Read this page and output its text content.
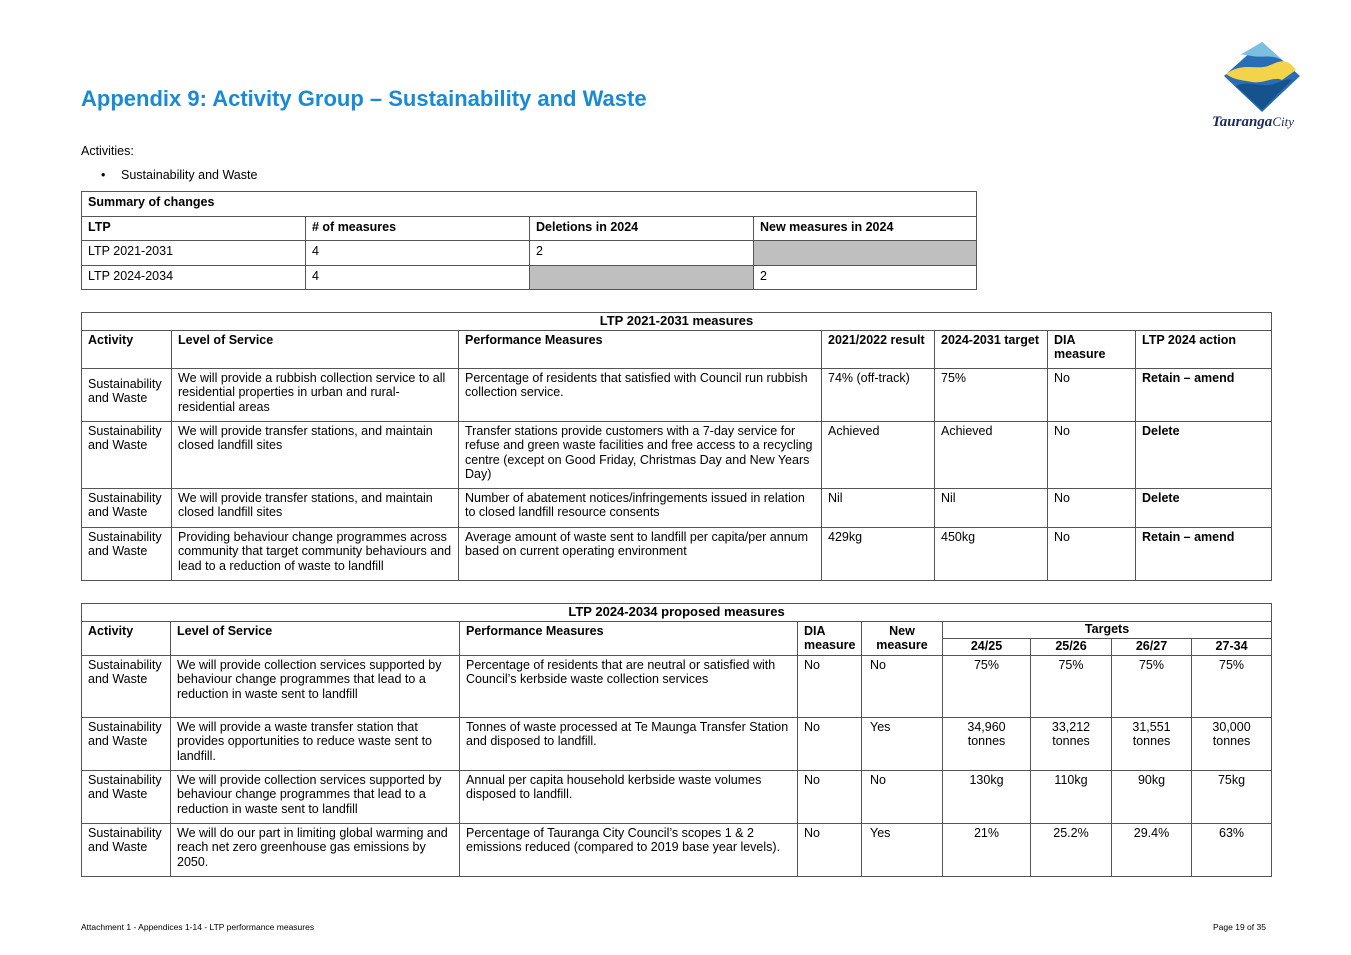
Appendix 9: Activity Group – Sustainability and Waste
TaurangaCity
Activities:
• Sustainability and Waste
Summary of changes			
LTP	# of measures	Deletions in 2024	New measures in 2024
LTP 2021-2031	4	2	
LTP 2024-2034	4		2
LTP 2021-2031 measures						
Activity	Level of Service	Performance Measures	2021/2022 result	2024-2031 target	DIA measure	LTP 2024 action
Sustainability and Waste	We will provide a rubbish collection service to all residential properties in urban and rural-residential areas	Percentage of residents that satisfied with Council run rubbish collection service.	74% (off-track)	75%	No	Retain – amend
Sustainability and Waste	We will provide transfer stations, and maintain closed landfill sites	Transfer stations provide customers with a 7-day service for refuse and green waste facilities and free access to a recycling centre (except on Good Friday, Christmas Day and New Years Day)	Achieved	Achieved	No	Delete
Sustainability and Waste	We will provide transfer stations, and maintain closed landfill sites	Number of abatement notices/infringements issued in relation to closed landfill resource consents	Nil	Nil	No	Delete
Sustainability and Waste	Providing behaviour change programmes across community that target community behaviours and lead to a reduction of waste to landfill	Average amount of waste sent to landfill per capita/per annum based on current operating environment	429kg	450kg	No	Retain – amend
LTP 2024-2034 proposed measures								
Activity	Level of Service	Performance Measures	DIA measure	New measure	Targets			
					24/25	25/26	26/27	27-34
Sustainability and Waste	We will provide collection services supported by behaviour change programmes that lead to a reduction in waste sent to landfill	Percentage of residents that are neutral or satisfied with Council’s kerbside waste collection services	No	No	75%	75%	75%	75%
Sustainability and Waste	We will provide a waste transfer station that provides opportunities to reduce waste sent to landfill.	Tonnes of waste processed at Te Maunga Transfer Station and disposed to landfill.	No	Yes	34,960 tonnes	33,212 tonnes	31,551 tonnes	30,000 tonnes
Sustainability and Waste	We will provide collection services supported by behaviour change programmes that lead to a reduction in waste sent to landfill	Annual per capita household kerbside waste volumes disposed to landfill.	No	No	130kg	110kg	90kg	75kg
Sustainability and Waste	We will do our part in limiting global warming and reach net zero greenhouse gas emissions by 2050.	Percentage of Tauranga City Council’s scopes 1 & 2 emissions reduced (compared to 2019 base year levels).	No	Yes	21%	25.2%	29.4%	63%
Attachment 1 - Appendices 1-14 - LTP performance measures	Page 19 of 35
